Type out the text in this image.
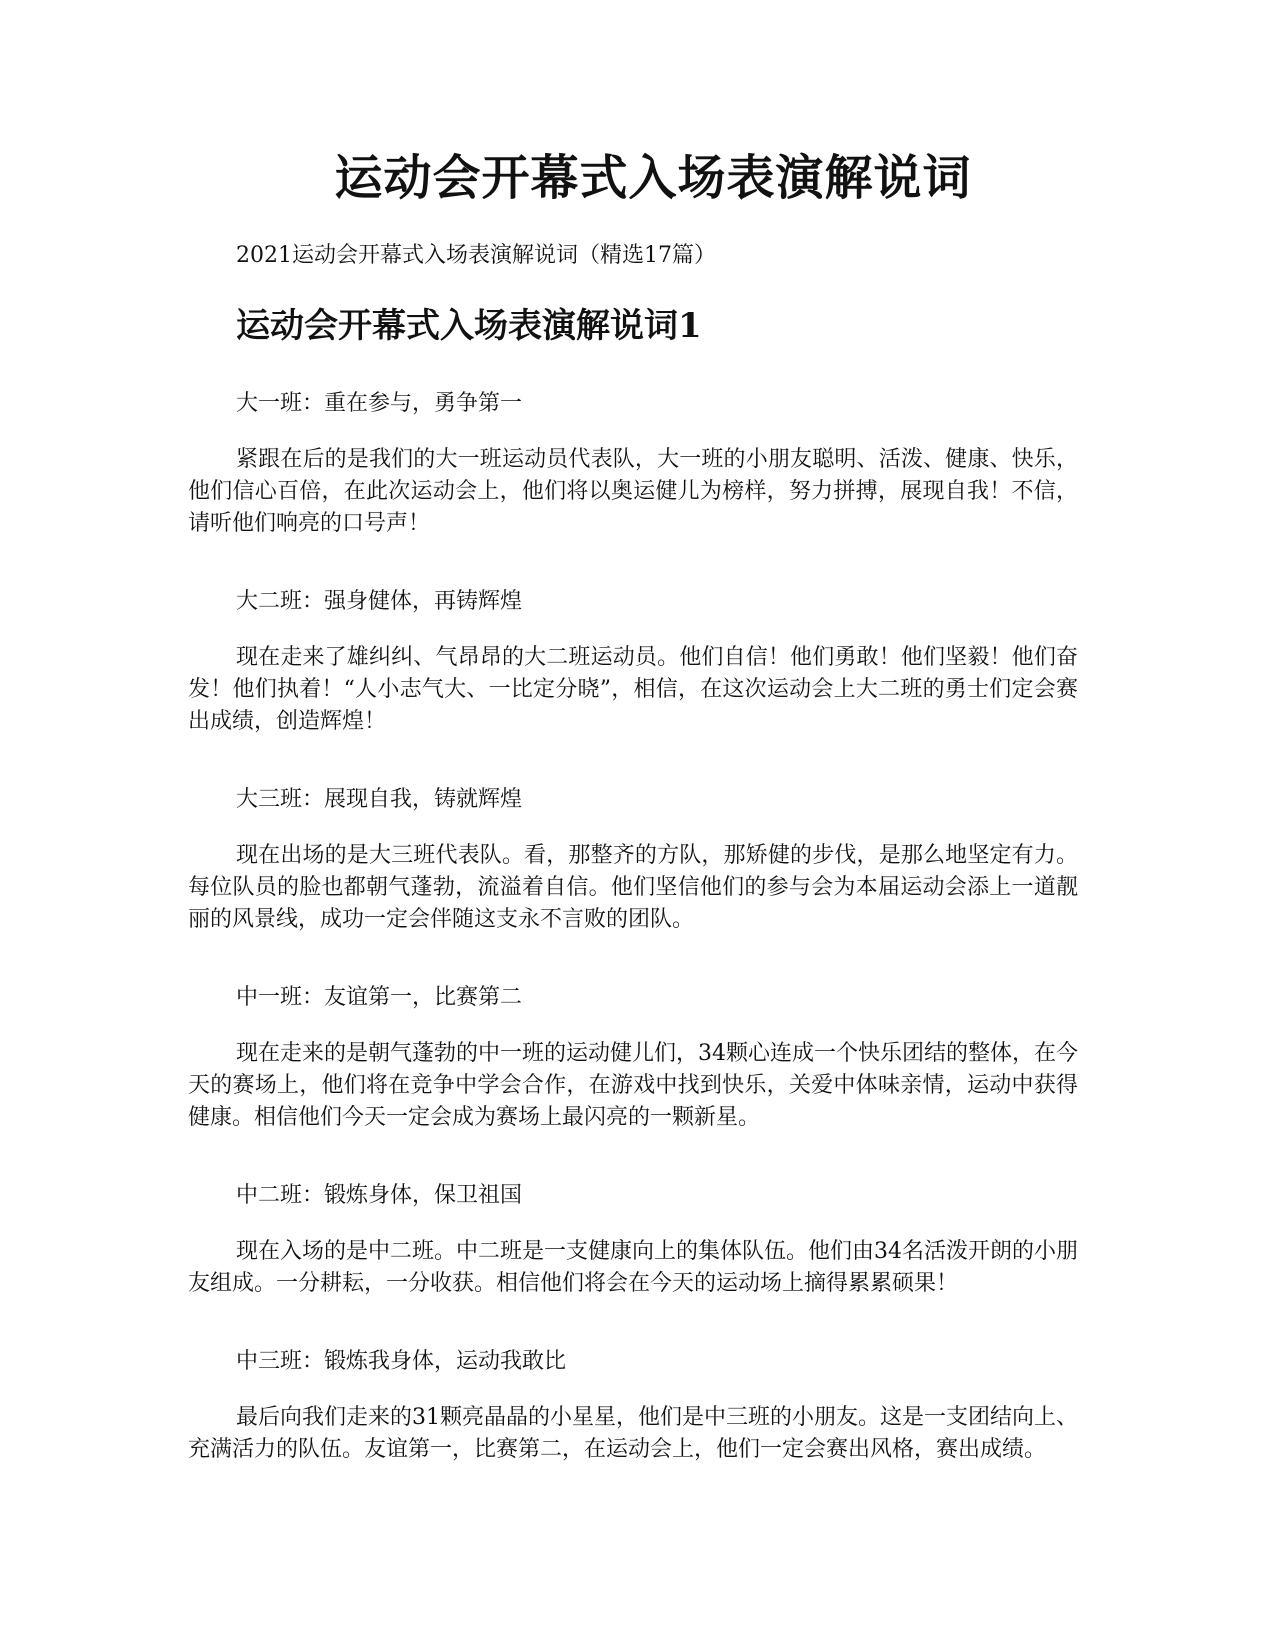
运动会开幕式入场表演解说词

2021运动会开幕式入场表演解说词（精选17篇）

运动会开幕式入场表演解说词1

大一班：重在参与，勇争第一

紧跟在后的是我们的大一班运动员代表队，大一班的小朋友聪明、活泼、健康、快乐，他们信心百倍，在此次运动会上，他们将以奥运健儿为榜样，努力拼搏，展现自我！不信，请听他们响亮的口号声！

大二班：强身健体，再铸辉煌

现在走来了雄纠纠、气昂昂的大二班运动员。他们自信！他们勇敢！他们坚毅！他们奋发！他们执着！“人小志气大、一比定分晓”，相信，在这次运动会上大二班的勇士们定会赛出成绩，创造辉煌！

大三班：展现自我，铸就辉煌

现在出场的是大三班代表队。看，那整齐的方队，那矫健的步伐，是那么地坚定有力。每位队员的脸也都朝气蓬勃，流溢着自信。他们坚信他们的参与会为本届运动会添上一道靓丽的风景线，成功一定会伴随这支永不言败的团队。

中一班：友谊第一，比赛第二

现在走来的是朝气蓬勃的中一班的运动健儿们，34颗心连成一个快乐团结的整体，在今天的赛场上，他们将在竞争中学会合作，在游戏中找到快乐，关爱中体味亲情，运动中获得健康。相信他们今天一定会成为赛场上最闪亮的一颗新星。

中二班：锻炼身体，保卫祖国

现在入场的是中二班。中二班是一支健康向上的集体队伍。他们由34名活泼开朗的小朋友组成。一分耕耘，一分收获。相信他们将会在今天的运动场上摘得累累硕果！

中三班：锻炼我身体，运动我敢比

最后向我们走来的31颗亮晶晶的小星星，他们是中三班的小朋友。这是一支团结向上、充满活力的队伍。友谊第一，比赛第二，在运动会上，他们一定会赛出风格，赛出成绩。
